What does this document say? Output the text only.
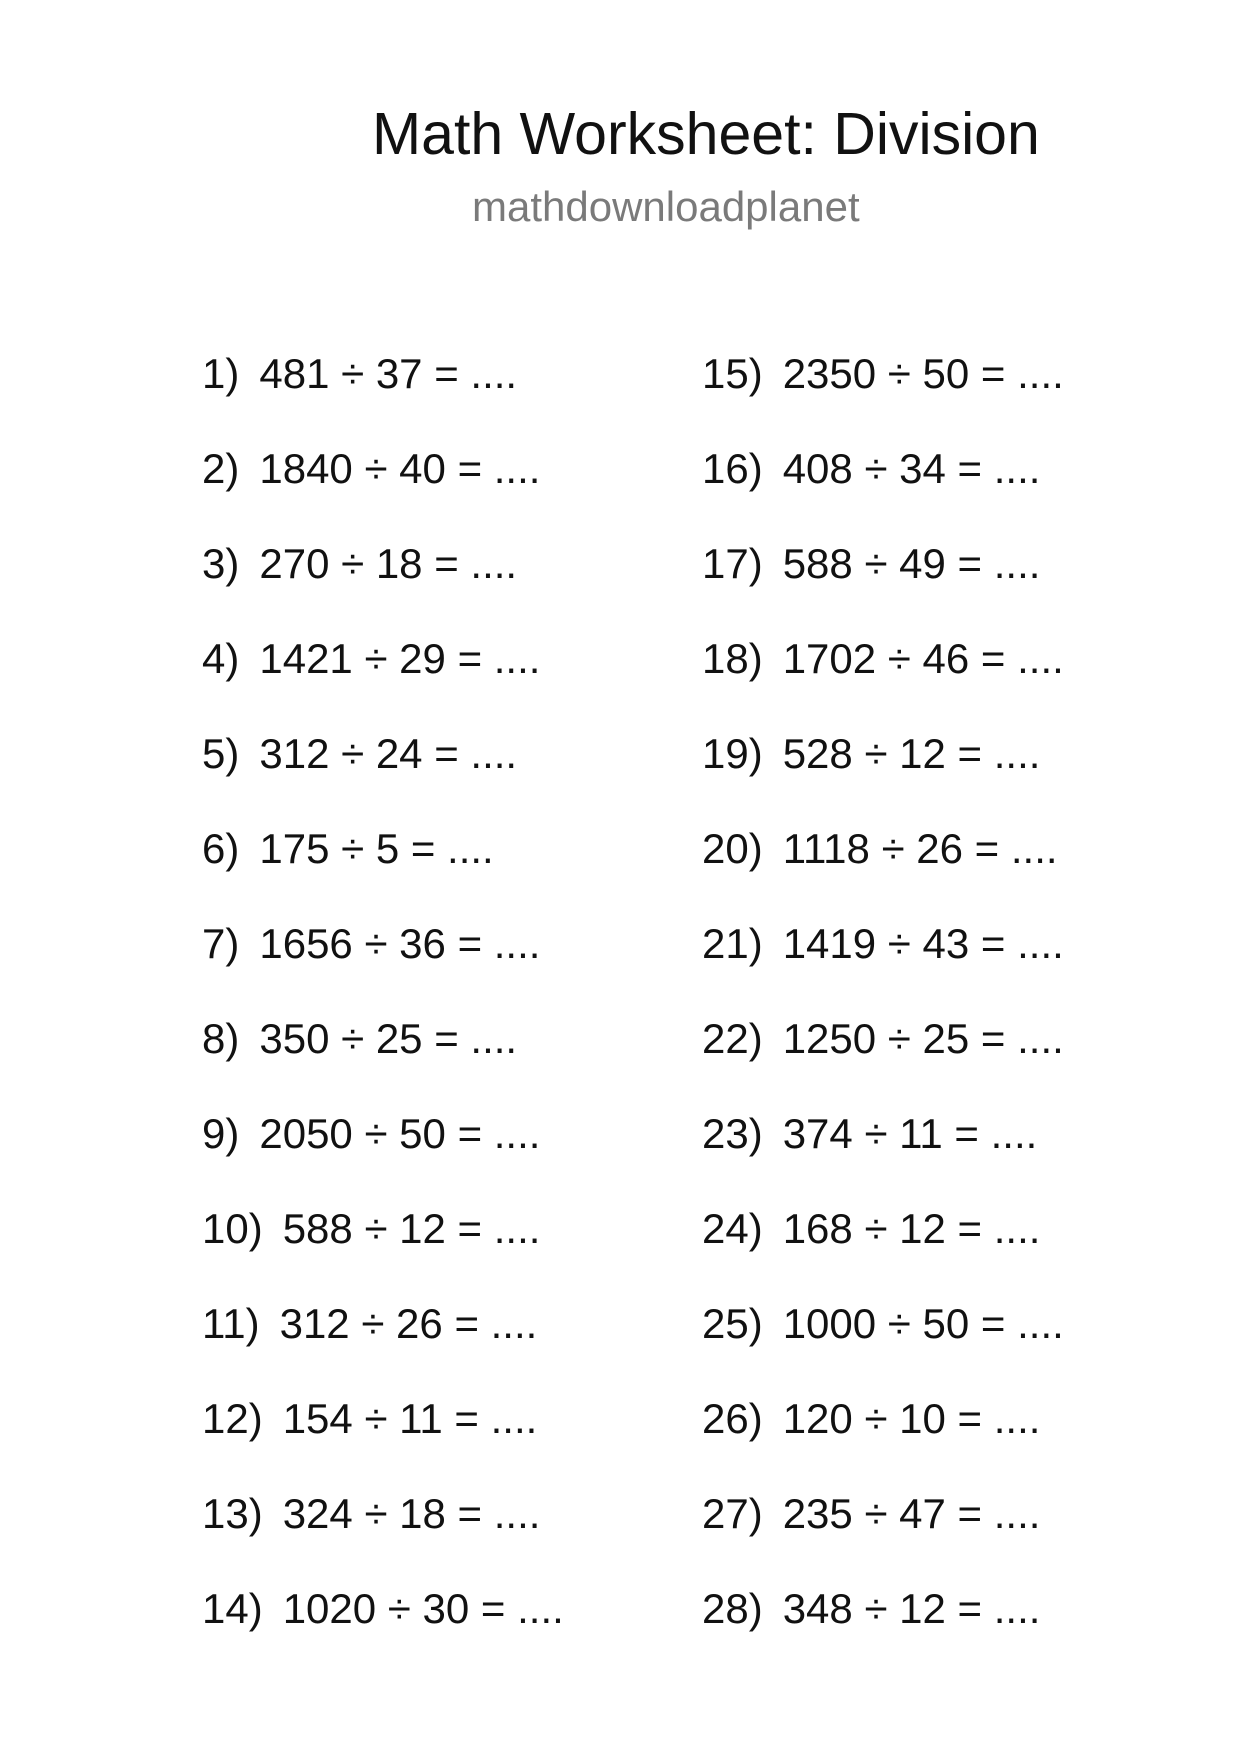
Math Worksheet: Division
mathdownloadplanet
1) 481 ÷ 37 = ....
2) 1840 ÷ 40 = ....
3) 270 ÷ 18 = ....
4) 1421 ÷ 29 = ....
5) 312 ÷ 24 = ....
6) 175 ÷ 5 = ....
7) 1656 ÷ 36 = ....
8) 350 ÷ 25 = ....
9) 2050 ÷ 50 = ....
10) 588 ÷ 12 = ....
11) 312 ÷ 26 = ....
12) 154 ÷ 11 = ....
13) 324 ÷ 18 = ....
14) 1020 ÷ 30 = ....
15) 2350 ÷ 50 = ....
16) 408 ÷ 34 = ....
17) 588 ÷ 49 = ....
18) 1702 ÷ 46 = ....
19) 528 ÷ 12 = ....
20) 1118 ÷ 26 = ....
21) 1419 ÷ 43 = ....
22) 1250 ÷ 25 = ....
23) 374 ÷ 11 = ....
24) 168 ÷ 12 = ....
25) 1000 ÷ 50 = ....
26) 120 ÷ 10 = ....
27) 235 ÷ 47 = ....
28) 348 ÷ 12 = ....
